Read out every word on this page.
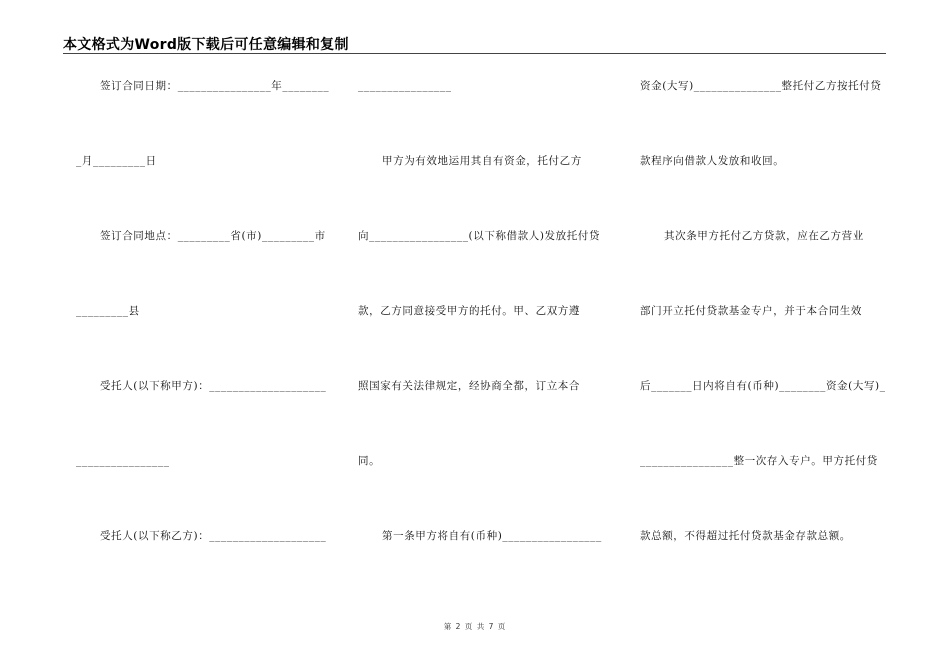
本文格式为Word版下载后可任意编辑和复制
签订合同日期：________________年________
_月_________日
签订合同地点：_________省(市)_________市
_________县
受托人(以下称甲方)：____________________
________________
受托人(以下称乙方)：____________________
________________
甲方为有效地运用其自有资金，托付乙方
向_________________(以下称借款人)发放托付贷
款，乙方同意接受甲方的托付。甲、乙双方遵
照国家有关法律规定，经协商全都，订立本合
同。
第一条甲方将自有(币种)_________________
资金(大写)_______________整托付乙方按托付贷
款程序向借款人发放和收回。
其次条甲方托付乙方贷款，应在乙方营业
部门开立托付贷款基金专户，并于本合同生效
后_______日内将自有(币种)________资金(大写)_
________________整一次存入专户。甲方托付贷
款总额，不得超过托付贷款基金存款总额。
第 2 页 共 7 页
